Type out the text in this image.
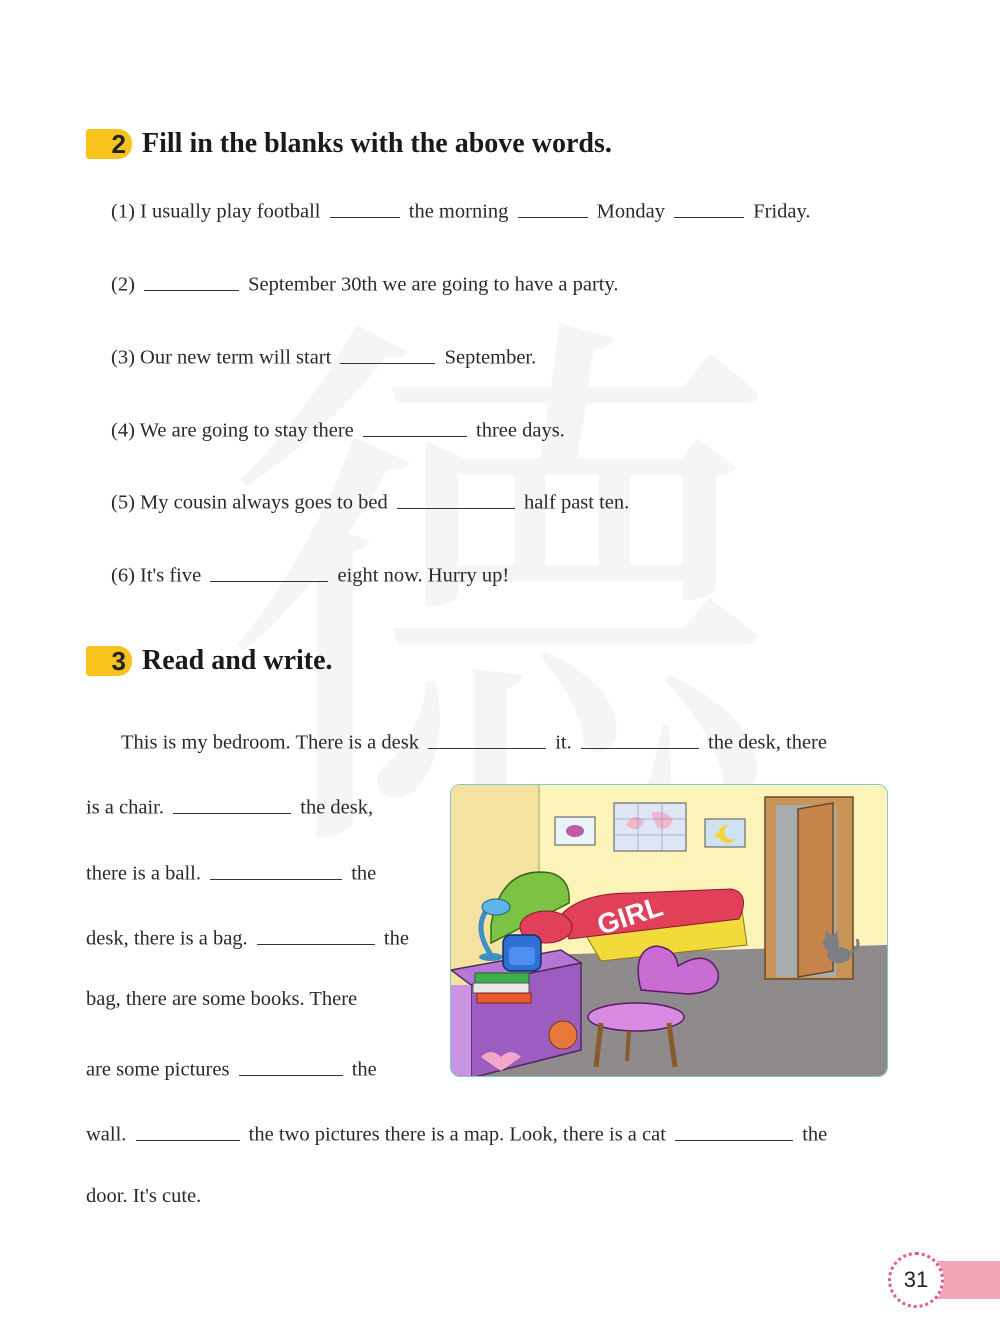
2 Fill in the blanks with the above words.
(1) I usually play football	the morning	Monday	Friday.
(2)	September 30th we are going to have a party.
(3) Our new term will start	September.
(4) We are going to stay there	three days.
(5) My cousin always goes to bed	half past ten.
(6) It's five	eight now. Hurry up!
3 Read and write.
This is my bedroom. There is a desk	it.	the desk, there
is a chair.	the desk,
there is a ball.	the
desk, there is a bag.	the
bag, there are some books. There
are some pictures	the
wall.	the two pictures there is a map. Look, there is a cat	the
door. It's cute.
★
GIRL
31
